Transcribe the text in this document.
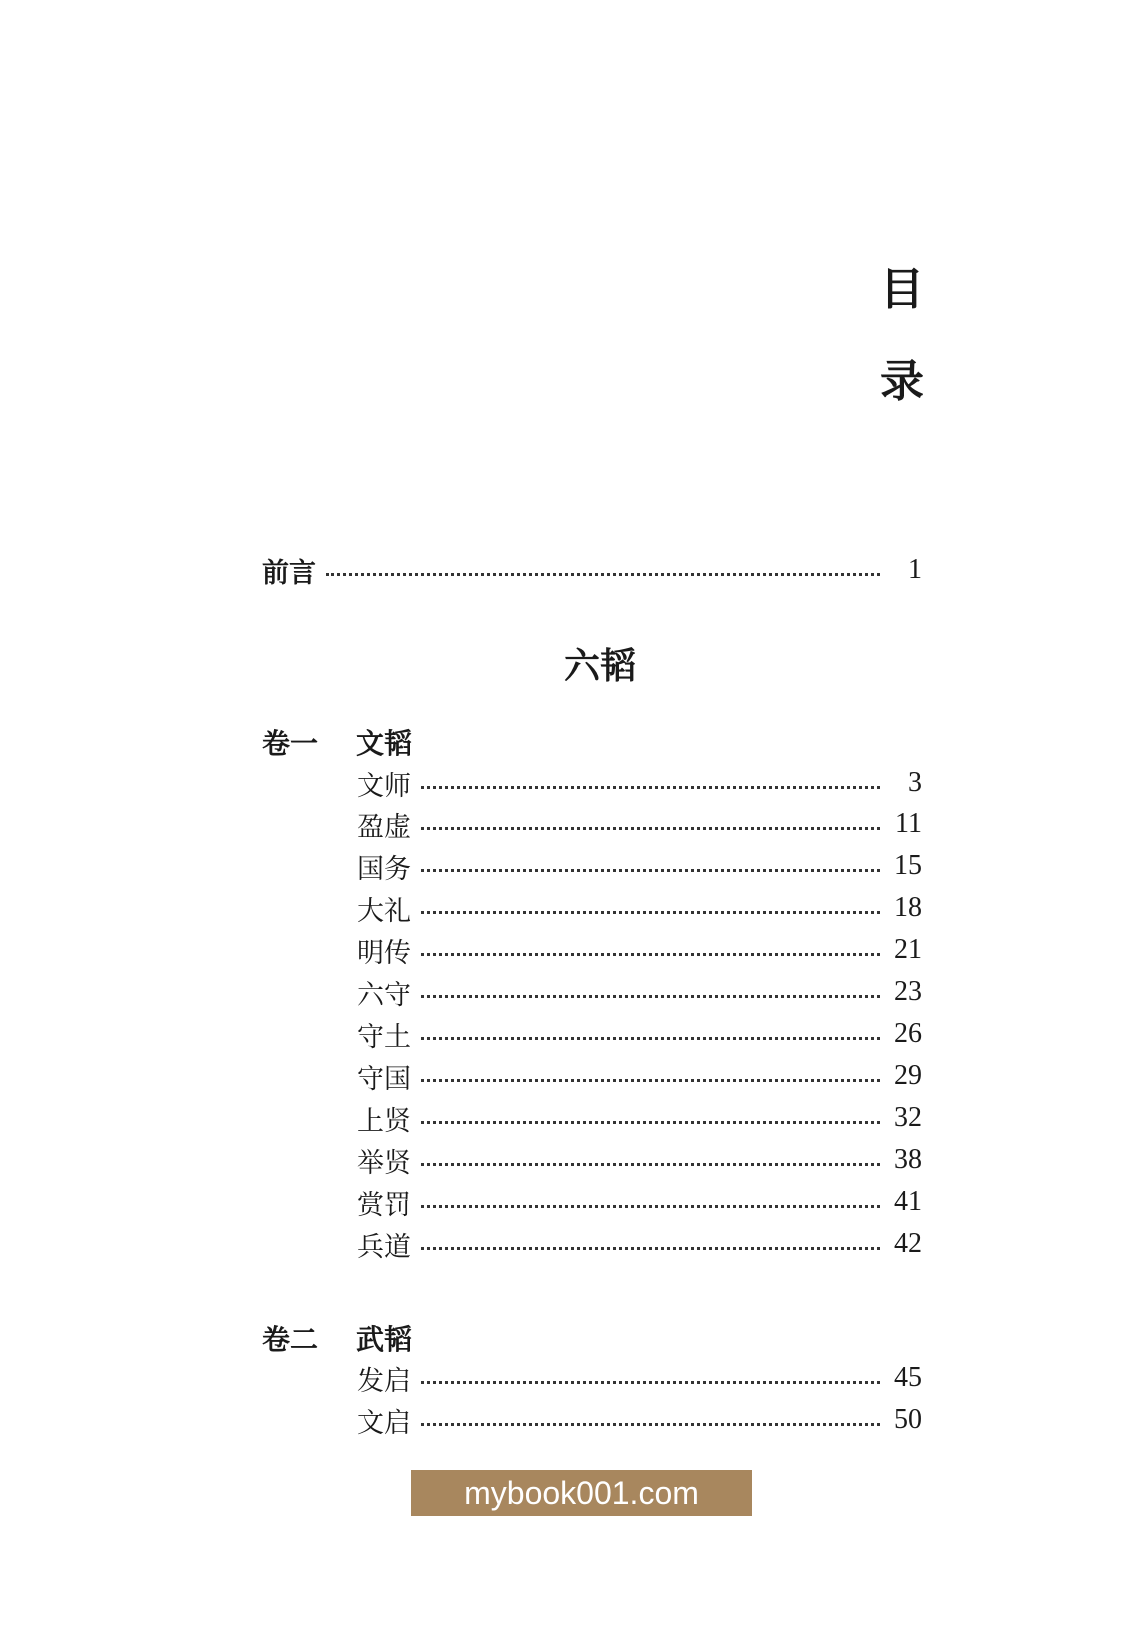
目
录
前言	1
六韬
卷一	文韬
文师	3
盈虚	11
国务	15
大礼	18
明传	21
六守	23
守土	26
守国	29
上贤	32
举贤	38
赏罚	41
兵道	42
卷二	武韬
发启	45
文启	50
mybook001.com
